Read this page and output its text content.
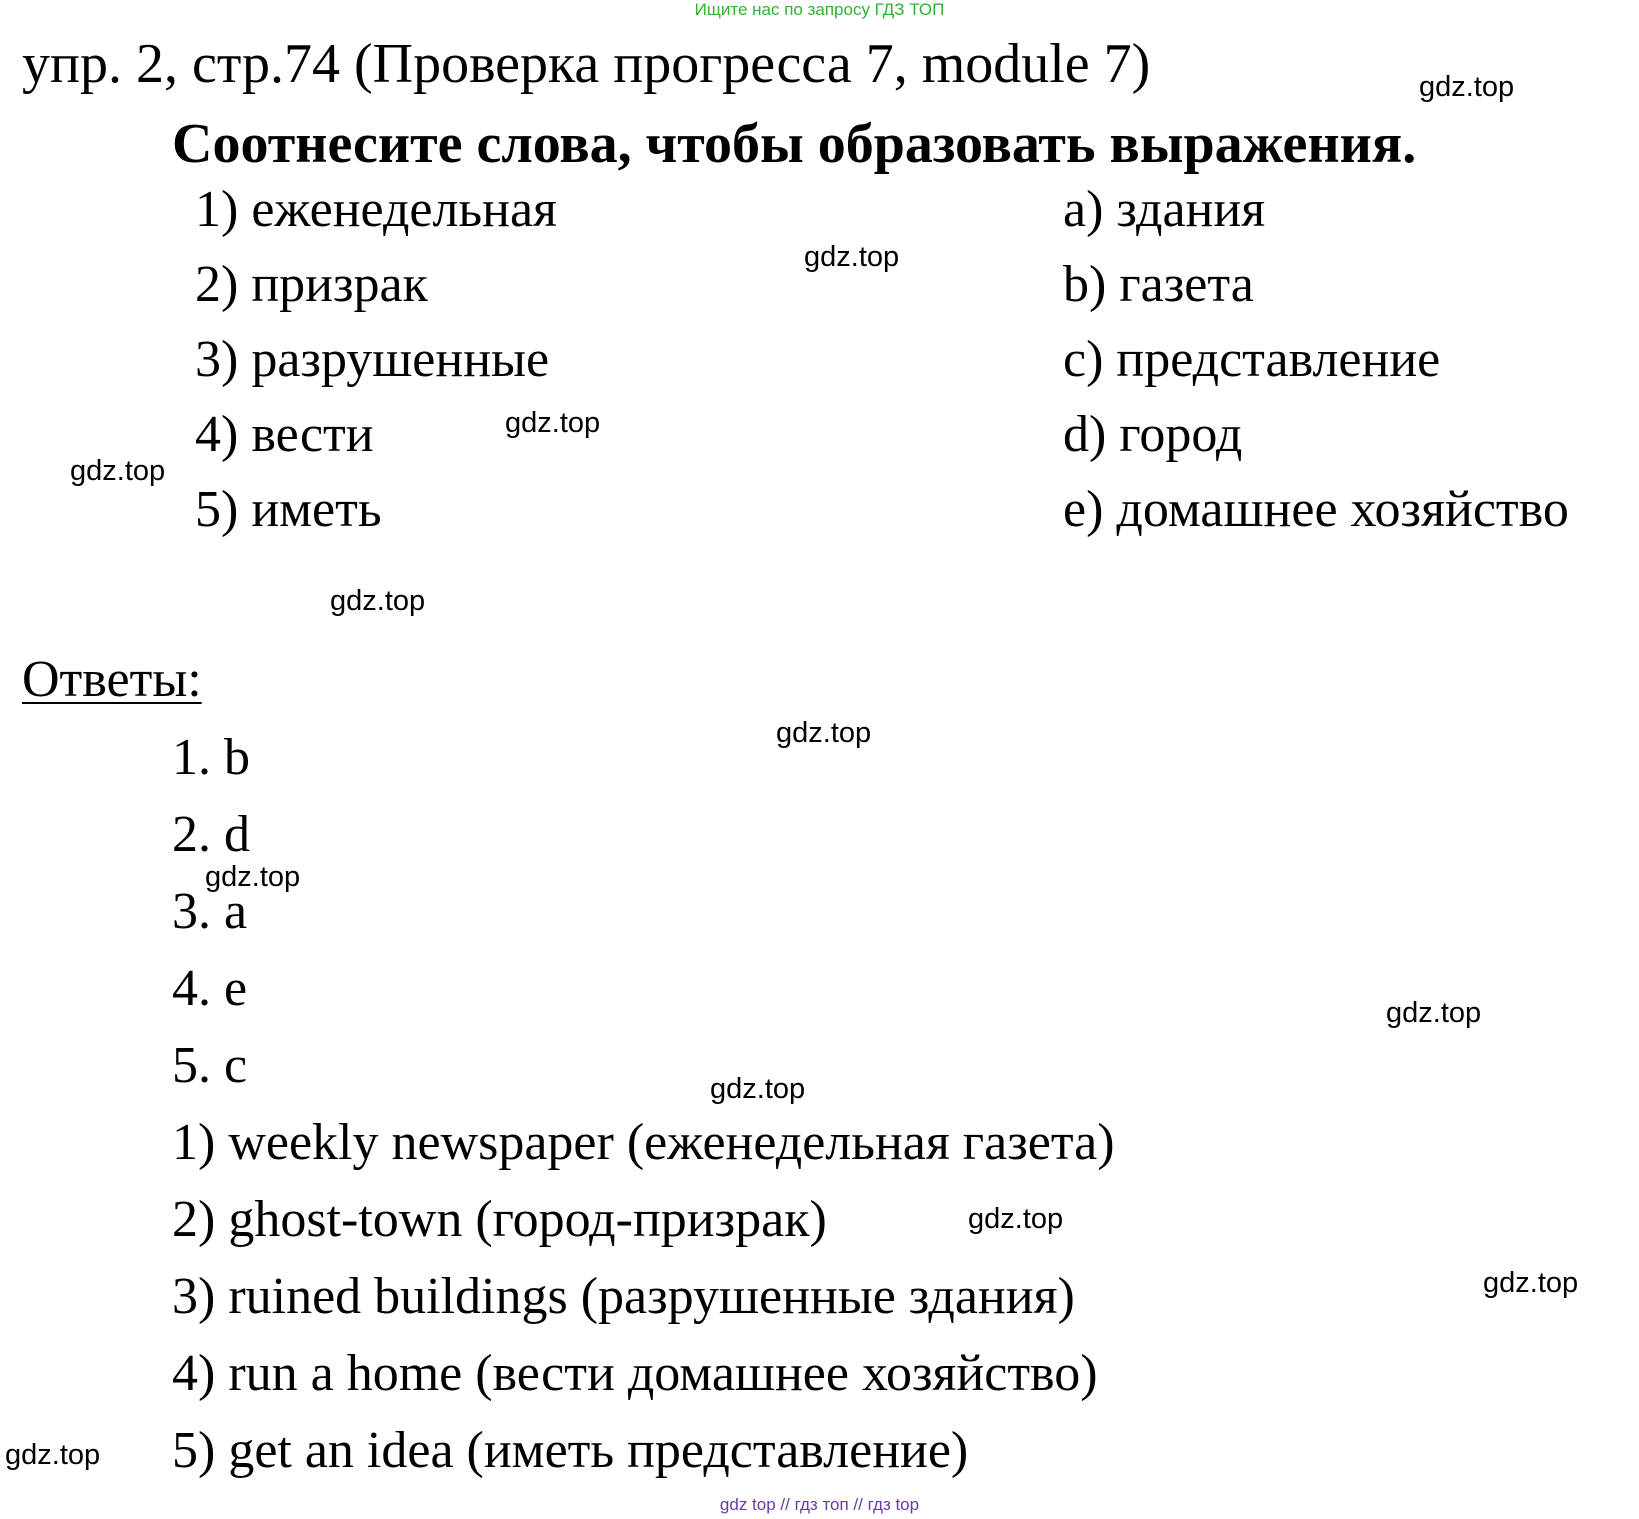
Ищите нас по запросу ГДЗ ТОП
упр. 2, стр.74 (Проверка прогресса 7, module 7)
Соотнесите слова, чтобы образовать выражения.
1) еженедельная
2) призрак
3) разрушенные
4) вести
5) иметь
a) здания
b) газета
c) представление
d) город
e) домашнее хозяйство
Ответы:
1. b
2. d
3. a
4. e
5. c
1) weekly newspaper (еженедельная газета)
2) ghost-town (город-призрак)
3) ruined buildings (разрушенные здания)
4) run a home (вести домашнее хозяйство)
5) get an idea (иметь представление)
gdz.top
gdz.top
gdz.top
gdz.top
gdz.top
gdz.top
gdz.top
gdz.top
gdz.top
gdz.top
gdz.top
gdz.top
gdz top // гдз топ // гдз top
